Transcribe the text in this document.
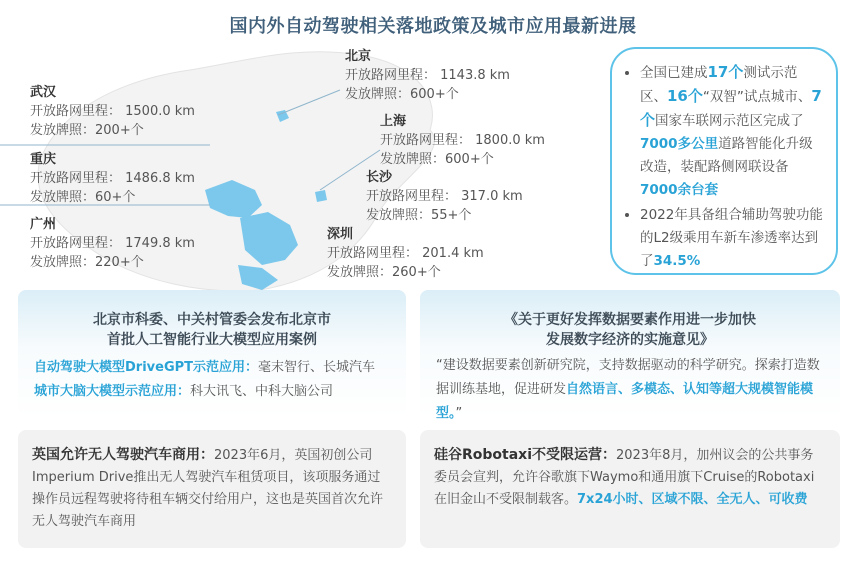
国内外自动驾驶相关落地政策及城市应用最新进展
武汉
开放路网里程： 1500.0 km
发放牌照：200+个
重庆
开放路网里程： 1486.8 km
发放牌照：60+个
广州
开放路网里程： 1749.8 km
发放牌照：220+个
北京
开放路网里程： 1143.8 km
发放牌照：600+个
上海
开放路网里程： 1800.0 km
发放牌照：600+个
长沙
开放路网里程： 317.0 km
发放牌照：55+个
深圳
开放路网里程： 201.4 km
发放牌照：260+个
• 全国已建成17个测试示范区、16个“双智”试点城市、7个国家车联网示范区完成了7000多公里道路智能化升级改造，装配路侧网联设备7000余台套
• 2022年具备组合辅助驾驶功能的L2级乘用车新车渗透率达到了34.5%
北京市科委、中关村管委会发布北京市
首批人工智能行业大模型应用案例
自动驾驶大模型DriveGPT示范应用：毫末智行、长城汽车
城市大脑大模型示范应用：科大讯飞、中科大脑公司
《关于更好发挥数据要素作用进一步加快
发展数字经济的实施意见》
“建设数据要素创新研究院，支持数据驱动的科学研究。探索打造数据训练基地，促进研发自然语言、多模态、认知等超大规模智能模型。”
英国允许无人驾驶汽车商用：2023年6月，英国初创公司Imperium Drive推出无人驾驶汽车租赁项目，该项服务通过操作员远程驾驶将待租车辆交付给用户，这也是英国首次允许无人驾驶汽车商用
硅谷Robotaxi不受限运营：2023年8月，加州议会的公共事务委员会宣判，允许谷歌旗下Waymo和通用旗下Cruise的Robotaxi在旧金山不受限制载客。7x24小时、区域不限、全无人、可收费
